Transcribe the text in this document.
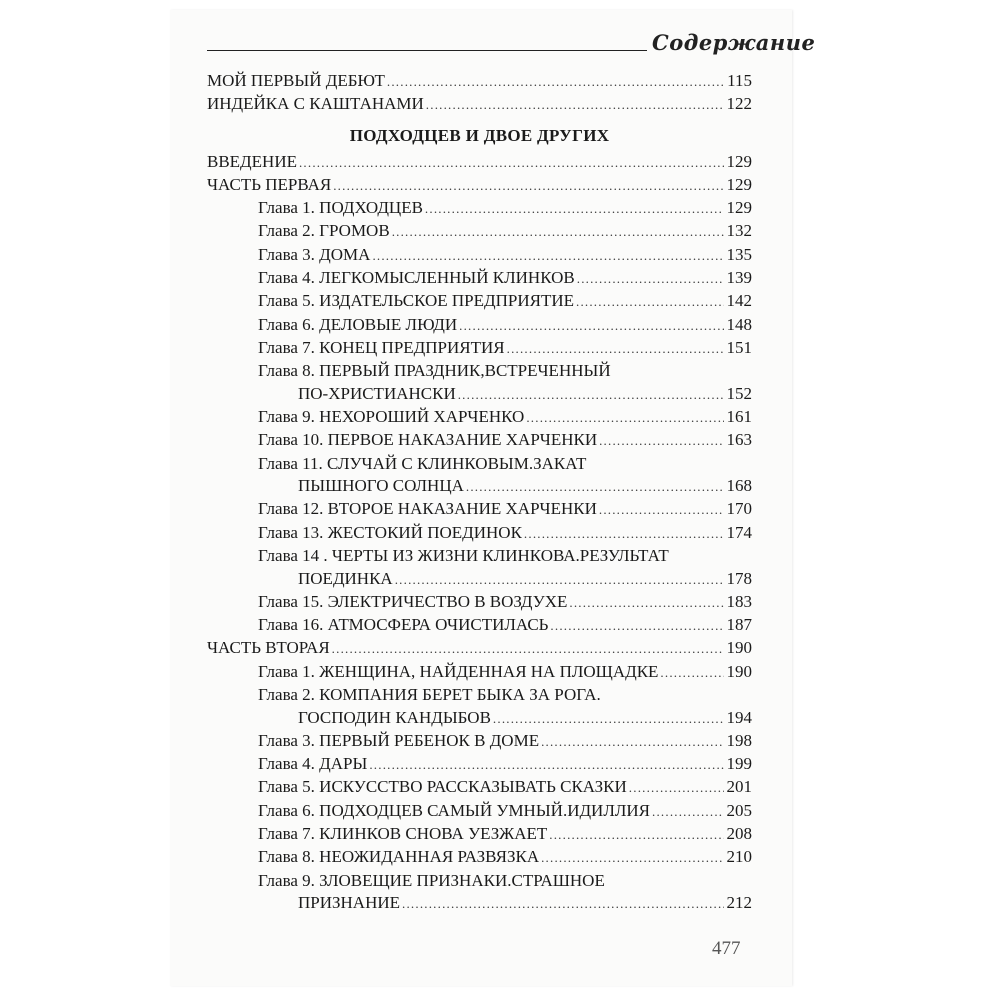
Содержание
МОЙ ПЕРВЫЙ ДЕБЮТ .....	115
ИНДЕЙКА С КАШТАНАМИ .....	122
ПОДХОДЦЕВ И ДВОЕ ДРУГИХ
ВВЕДЕНИЕ .....	129
ЧАСТЬ ПЕРВАЯ .....	129
Глава 1. ПОДХОДЦЕВ .....	129
Глава 2. ГРОМОВ .....	132
Глава 3. ДОМА .....	135
Глава 4. ЛЕГКОМЫСЛЕННЫЙ КЛИНКОВ .....	139
Глава 5. ИЗДАТЕЛЬСКОЕ ПРЕДПРИЯТИЕ .....	142
Глава 6. ДЕЛОВЫЕ ЛЮДИ .....	148
Глава 7. КОНЕЦ ПРЕДПРИЯТИЯ .....	151
Глава 8. ПЕРВЫЙ ПРАЗДНИК,ВСТРЕЧЕННЫЙ
ПО-ХРИСТИАНСКИ .....	152
Глава 9. НЕХОРОШИЙ ХАРЧЕНКО .....	161
Глава 10. ПЕРВОЕ НАКАЗАНИЕ ХАРЧЕНКИ .....	163
Глава 11. СЛУЧАЙ С КЛИНКОВЫМ.ЗАКАТ
ПЫШНОГО СОЛНЦА .....	168
Глава 12. ВТОРОЕ НАКАЗАНИЕ ХАРЧЕНКИ .....	170
Глава 13. ЖЕСТОКИЙ ПОЕДИНОК .....	174
Глава 14 . ЧЕРТЫ ИЗ ЖИЗНИ КЛИНКОВА.РЕЗУЛЬТАТ
ПОЕДИНКА .....	178
Глава 15. ЭЛЕКТРИЧЕСТВО В ВОЗДУХЕ .....	183
Глава 16. АТМОСФЕРА ОЧИСТИЛАСЬ .....	187
ЧАСТЬ ВТОРАЯ .....	190
Глава 1. ЖЕНЩИНА, НАЙДЕННАЯ НА ПЛОЩАДКЕ .....	190
Глава 2. КОМПАНИЯ БЕРЕТ БЫКА ЗА РОГА.
ГОСПОДИН КАНДЫБОВ .....	194
Глава 3. ПЕРВЫЙ РЕБЕНОК В ДОМЕ .....	198
Глава 4. ДАРЫ .....	199
Глава 5. ИСКУССТВО РАССКАЗЫВАТЬ СКАЗКИ .....	201
Глава 6. ПОДХОДЦЕВ САМЫЙ УМНЫЙ.ИДИЛЛИЯ .....	205
Глава 7. КЛИНКОВ СНОВА УЕЗЖАЕТ .....	208
Глава 8. НЕОЖИДАННАЯ РАЗВЯЗКА .....	210
Глава 9. ЗЛОВЕЩИЕ ПРИЗНАКИ.СТРАШНОЕ
ПРИЗНАНИЕ .....	212
477
